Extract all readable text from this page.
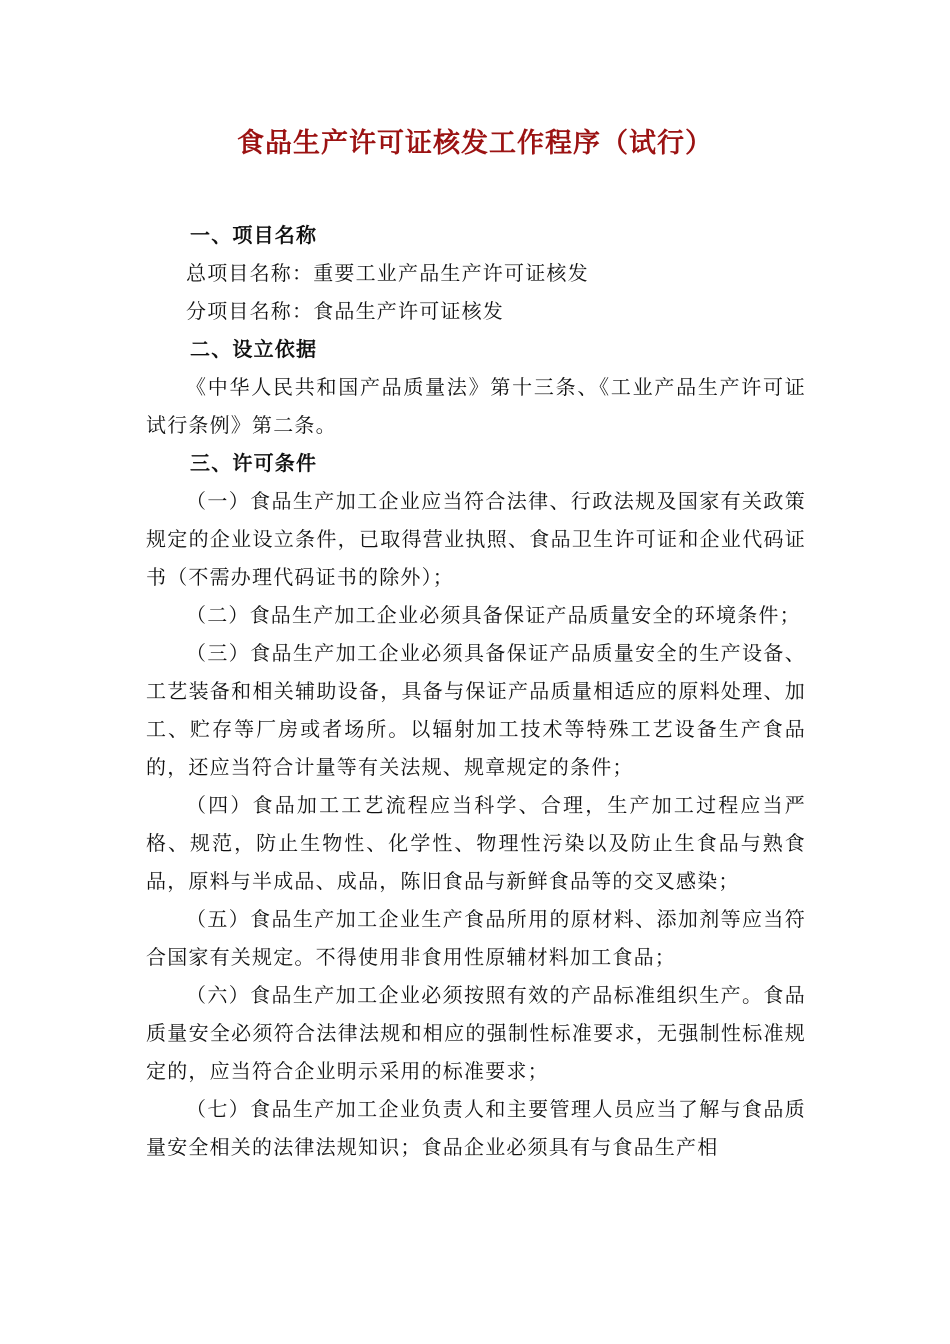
食品生产许可证核发工作程序（试行）

一、项目名称

总项目名称：重要工业产品生产许可证核发

分项目名称：食品生产许可证核发

二、设立依据

《中华人民共和国产品质量法》第十三条、《工业产品生产许可证试行条例》第二条。

三、许可条件

（一）食品生产加工企业应当符合法律、行政法规及国家有关政策规定的企业设立条件，已取得营业执照、食品卫生许可证和企业代码证书（不需办理代码证书的除外）；

（二）食品生产加工企业必须具备保证产品质量安全的环境条件；

（三）食品生产加工企业必须具备保证产品质量安全的生产设备、工艺装备和相关辅助设备，具备与保证产品质量相适应的原料处理、加工、贮存等厂房或者场所。以辐射加工技术等特殊工艺设备生产食品的，还应当符合计量等有关法规、规章规定的条件；

（四）食品加工工艺流程应当科学、合理，生产加工过程应当严格、规范，防止生物性、化学性、物理性污染以及防止生食品与熟食品，原料与半成品、成品，陈旧食品与新鲜食品等的交叉感染；

（五）食品生产加工企业生产食品所用的原材料、添加剂等应当符合国家有关规定。不得使用非食用性原辅材料加工食品；

（六）食品生产加工企业必须按照有效的产品标准组织生产。食品质量安全必须符合法律法规和相应的强制性标准要求，无强制性标准规定的，应当符合企业明示采用的标准要求；

（七）食品生产加工企业负责人和主要管理人员应当了解与食品质量安全相关的法律法规知识；食品企业必须具有与食品生产相
